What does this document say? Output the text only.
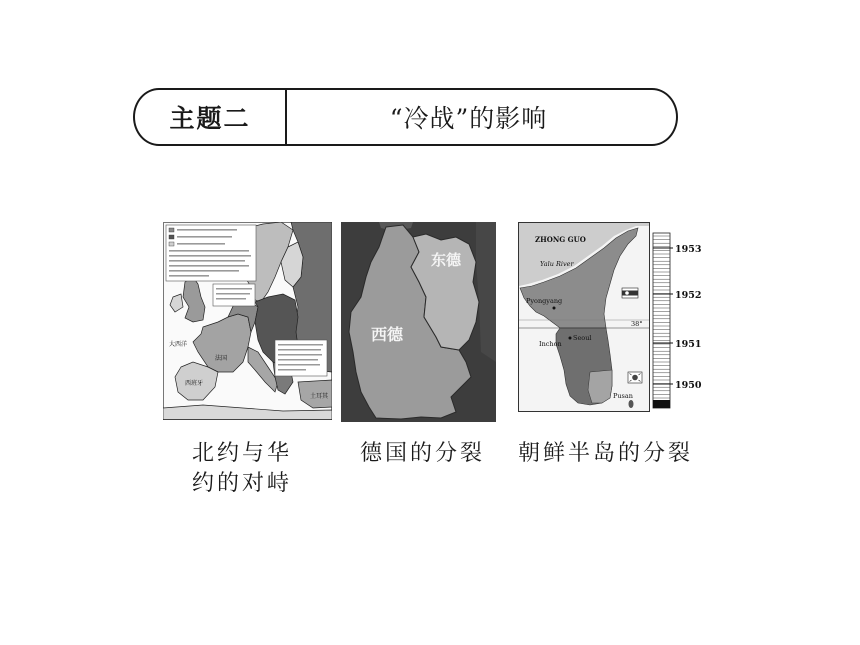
主题二	“冷战”的影响
大西洋
西班牙
法国
土耳其
西德
东德
ZHONG GUO
Yalu River
Pyongyang
38°
Seoul
Inchon
Pusan
1953
1952
1951
1950
北约与华
约的对峙
德国的分裂 朝鲜半岛的分裂
